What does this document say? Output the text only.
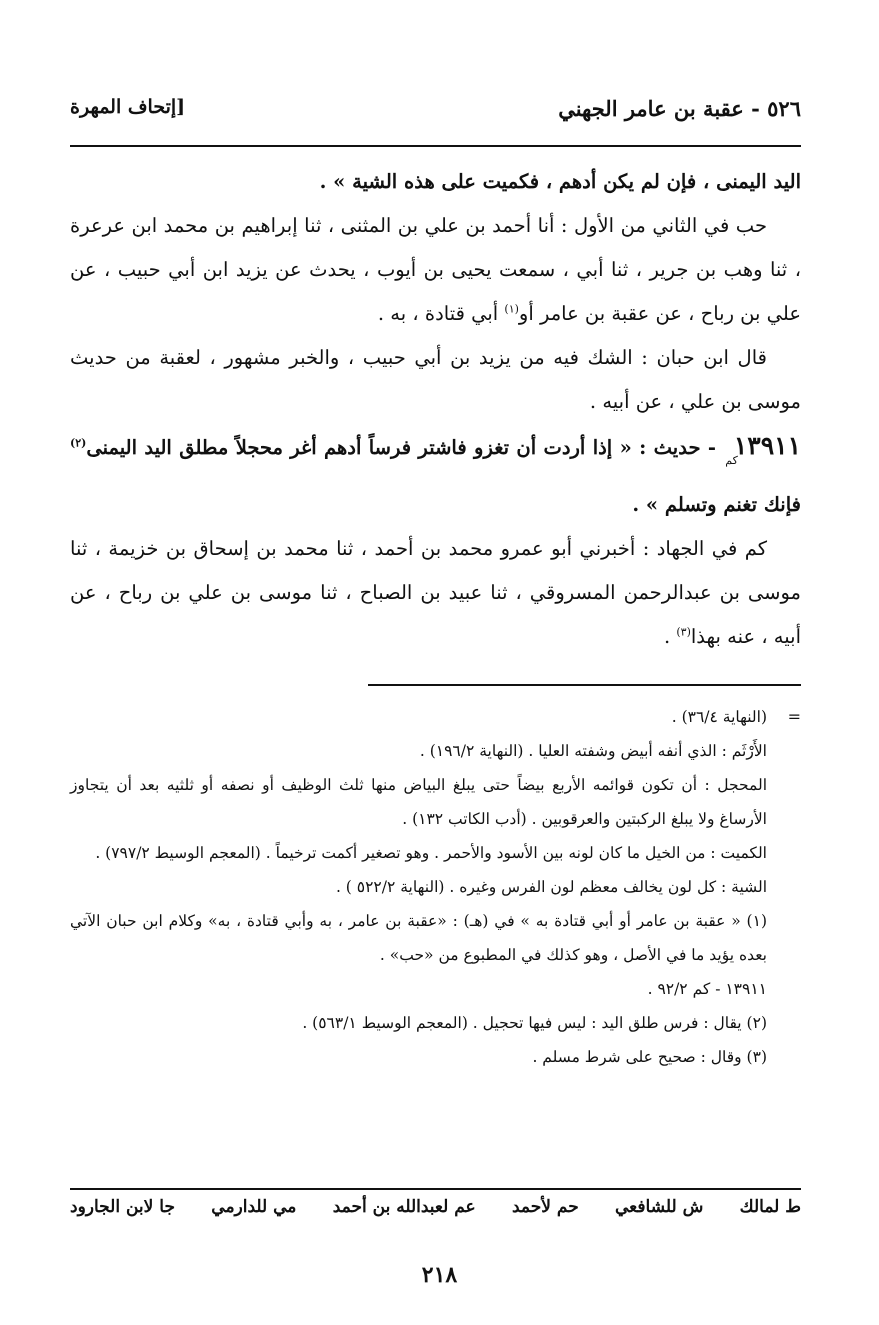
٥٢٦ - عقبة بن عامر الجهني
[إتحاف المهرة

اليد اليمنى ، فإن لم يكن أدهم ، فكميت على هذه الشية » .

حب في الثاني من الأول : أنا أحمد بن علي بن المثنى ، ثنا إبراهيم بن محمد ابن عرعرة ، ثنا وهب بن جرير ، ثنا أبي ، سمعت يحيى بن أيوب ، يحدث عن يزيد ابن أبي حبيب ، عن علي بن رباح ، عن عقبة بن عامر أو$^{(١)}$ أبي قتادة ، به .

قال ابن حبان : الشك فيه من يزيد بن أبي حبيب ، والخبر مشهور ، لعقبة من حديث موسى بن علي ، عن أبيه .

$١٣٩١١_{كم}$ - حديث : « إذا أردت أن تغزو فاشتر فرساً أدهم أغر محجلاً مطلق اليد اليمنى$^{(٢)}$ فإنك تغنم وتسلم » .

كم في الجهاد : أخبرني أبو عمرو محمد بن أحمد ، ثنا محمد بن إسحاق بن خزيمة ، ثنا موسى بن عبدالرحمن المسروقي ، ثنا عبيد بن الصباح ، ثنا موسى بن علي بن رباح ، عن أبيه ، عنه بهذا$^{(٣)}$ .

=
(النهاية ٣٦/٤) .

الأَرْثَم : الذي أنفه أبيض وشفته العليا . (النهاية ١٩٦/٢) .

المحجل : أن تكون قوائمه الأربع بيضاً حتى يبلغ البياض منها ثلث الوظيف أو نصفه أو ثلثيه بعد أن يتجاوز الأرساغ ولا يبلغ الركبتين والعرقوبين . (أدب الكاتب ١٣٢) .

الكميت : من الخيل ما كان لونه بين الأسود والأحمر . وهو تصغير أكمت ترخيماً . (المعجم الوسيط ٧٩٧/٢) .

الشية : كل لون يخالف معظم لون الفرس وغيره . (النهاية ٥٢٢/٢ ) .

(١) « عقبة بن عامر أو أبي قتادة به » في (هـ) : «عقبة بن عامر ، به وأبي قتادة ، به» وكلام ابن حبان الآتي بعده يؤيد ما في الأصل ، وهو كذلك في المطبوع من «حب» .

١٣٩١١ - كم ٩٢/٢ .

(٢) يقال : فرس طلق اليد : ليس فيها تحجيل . (المعجم الوسيط ٥٦٣/١) .

(٣) وقال : صحيح على شرط مسلم .

ط لمالك
ش للشافعي
حم لأحمد
عم لعبدالله بن أحمد
مي للدارمي
جا لابن الجارود
٢١٨
